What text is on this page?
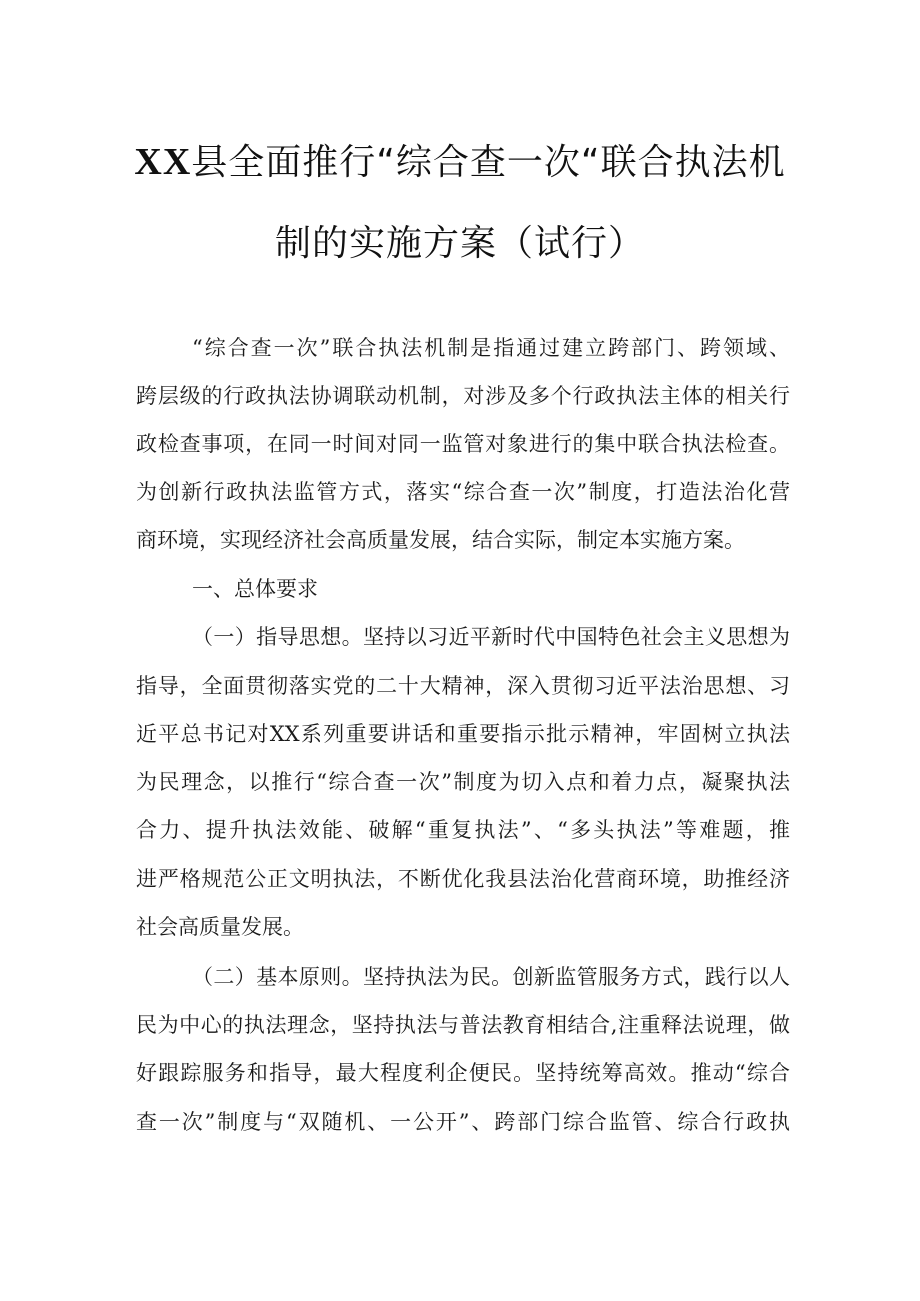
XX县全面推行“综合查一次“联合执法机
制的实施方案（试行）
“综合查一次”联合执法机制是指通过建立跨部门、跨领域、
跨层级的行政执法协调联动机制，对涉及多个行政执法主体的相关行
政检查事项，在同一时间对同一监管对象进行的集中联合执法检查。
为创新行政执法监管方式，落实“综合查一次”制度，打造法治化营
商环境，实现经济社会高质量发展，结合实际，制定本实施方案。
一、总体要求
（一）指导思想。坚持以习近平新时代中国特色社会主义思想为
指导，全面贯彻落实党的二十大精神，深入贯彻习近平法治思想、习
近平总书记对XX系列重要讲话和重要指示批示精神，牢固树立执法
为民理念，以推行“综合查一次”制度为切入点和着力点，凝聚执法
合力、提升执法效能、破解“重复执法”、“多头执法”等难题，推
进严格规范公正文明执法，不断优化我县法治化营商环境，助推经济
社会高质量发展。
（二）基本原则。坚持执法为民。创新监管服务方式，践行以人
民为中心的执法理念，坚持执法与普法教育相结合,注重释法说理，做
好跟踪服务和指导，最大程度利企便民。坚持统筹高效。推动“综合
查一次”制度与“双随机、一公开”、跨部门综合监管、综合行政执
